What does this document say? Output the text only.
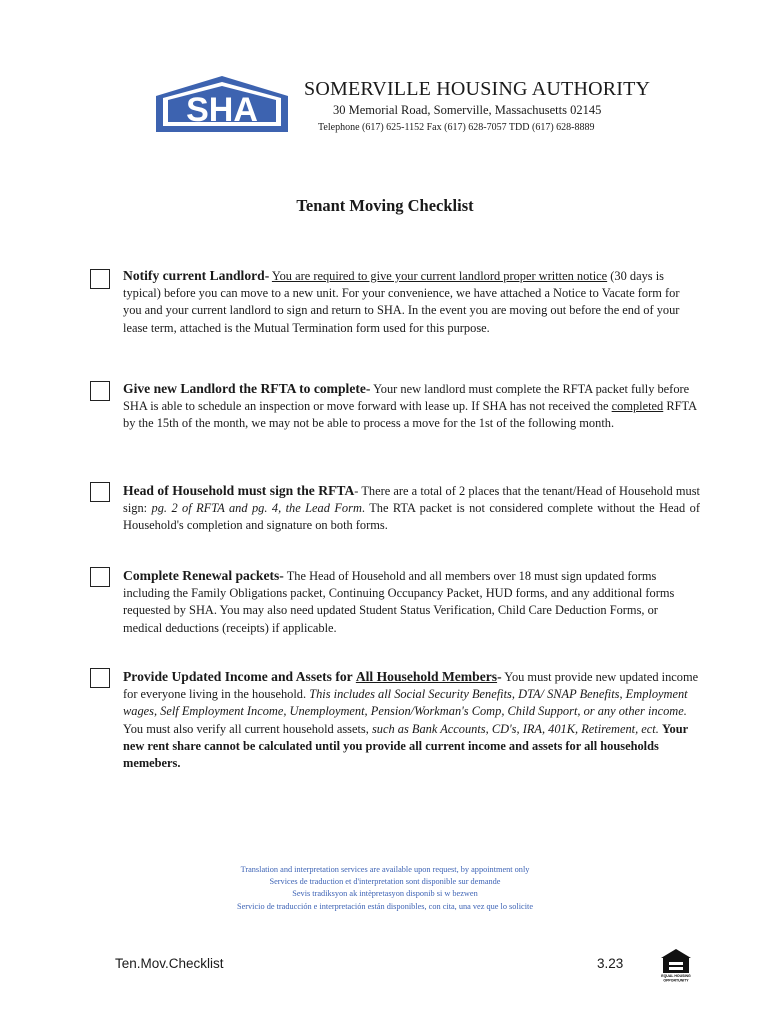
SHA
SOMERVILLE HOUSING AUTHORITY
30 Memorial Road, Somerville, Massachusetts 02145
Telephone (617) 625-1152 Fax (617) 628-7057 TDD (617) 628-8889
Tenant Moving Checklist
Notify current Landlord- You are required to give your current landlord proper written notice (30 days is typical) before you can move to a new unit. For your convenience, we have attached a Notice to Vacate form for you and your current landlord to sign and return to SHA. In the event you are moving out before the end of your lease term, attached is the Mutual Termination form used for this purpose.
Give new Landlord the RFTA to complete- Your new landlord must complete the RFTA packet fully before SHA is able to schedule an inspection or move forward with lease up. If SHA has not received the completed RFTA by the 15th of the month, we may not be able to process a move for the 1st of the following month.
Head of Household must sign the RFTA- There are a total of 2 places that the tenant/Head of Household must sign: pg. 2 of RFTA and pg. 4, the Lead Form. The RTA packet is not considered complete without the Head of Household's completion and signature on both forms.
Complete Renewal packets- The Head of Household and all members over 18 must sign updated forms including the Family Obligations packet, Continuing Occupancy Packet, HUD forms, and any additional forms requested by SHA. You may also need updated Student Status Verification, Child Care Deduction Forms, or medical deductions (receipts) if applicable.
Provide Updated Income and Assets for All Household Members- You must provide new updated income for everyone living in the household. This includes all Social Security Benefits, DTA/ SNAP Benefits, Employment wages, Self Employment Income, Unemployment, Pension/Workman's Comp, Child Support, or any other income. You must also verify all current household assets, such as Bank Accounts, CD's, IRA, 401K, Retirement, ect. Your new rent share cannot be calculated until you provide all current income and assets for all households memebers.
Translation and interpretation services are available upon request, by appointment only
Services de traduction et d'interpretation sont disponible sur demande
Sevis tradiksyon ak intèpretasyon disponib si w bezwen
Servicio de traducción e interpretación están disponibles, con cita, una vez que lo solicite
Ten.Mov.Checklist	3.23
EQUAL HOUSING
OPPORTUNITY
